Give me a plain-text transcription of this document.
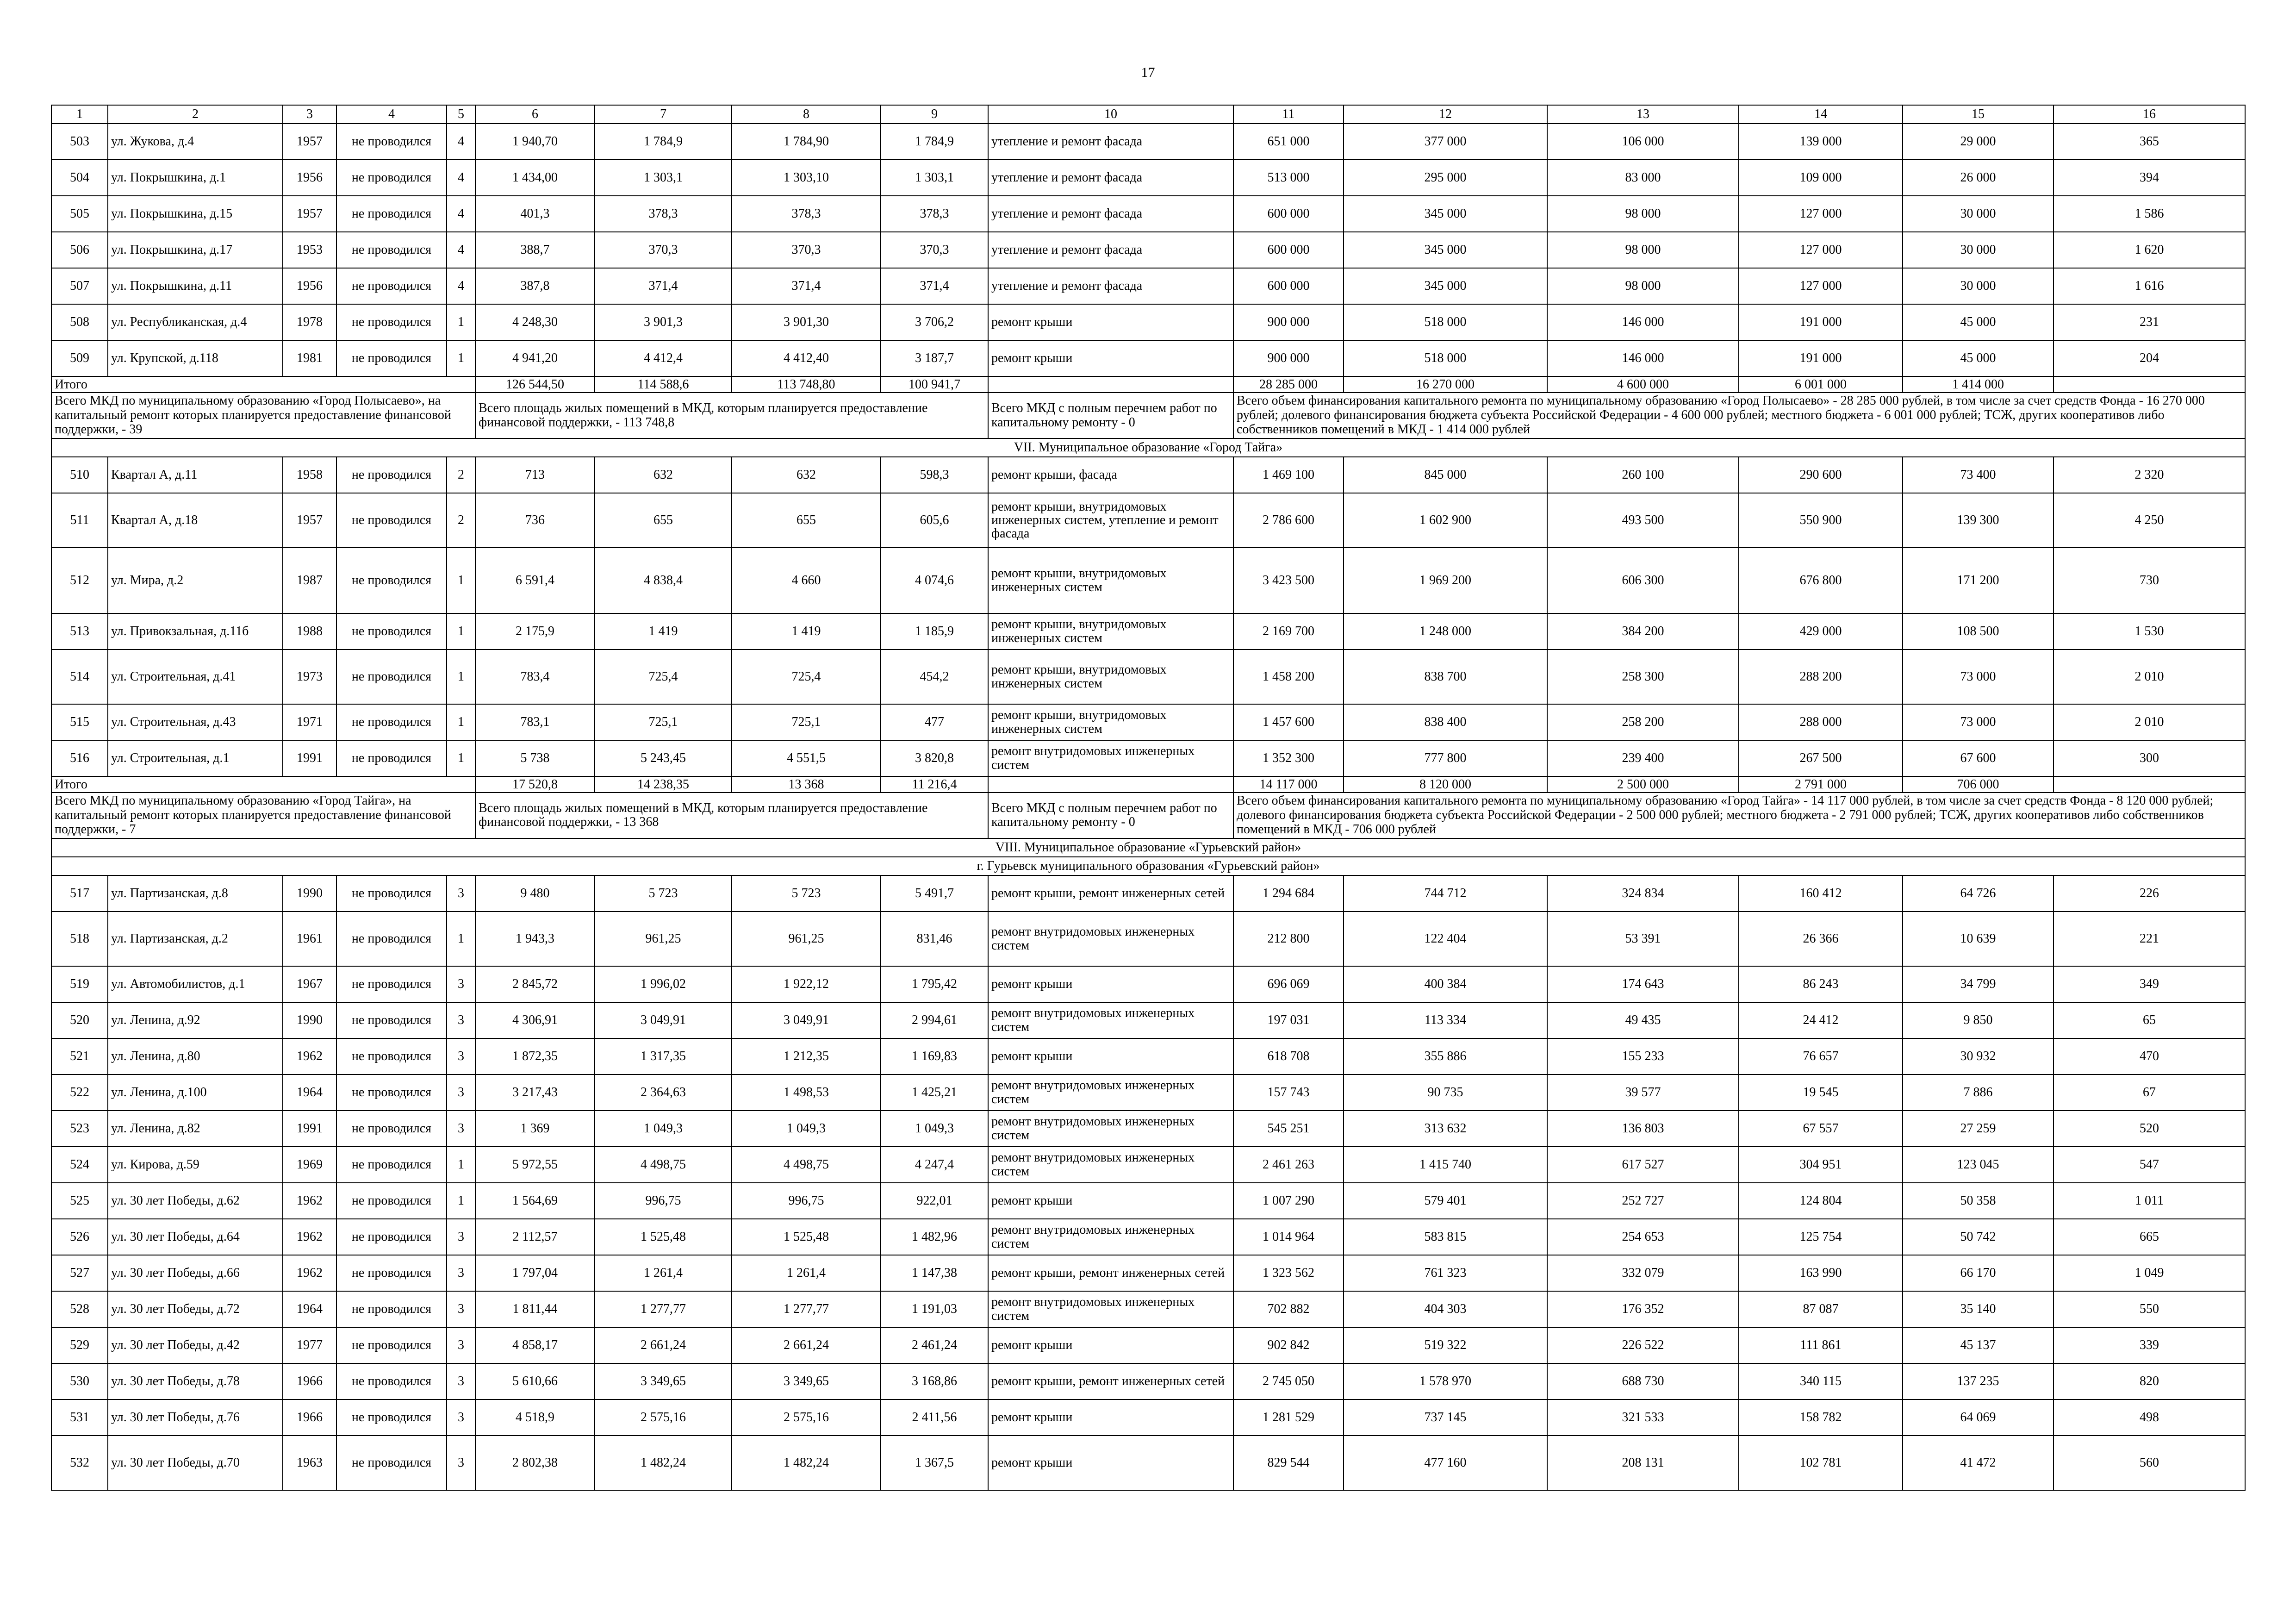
17
1	2	3	4	5	6	7	8	9	10	11	12	13	14	15	16
503	ул. Жукова, д.4	1957	не проводился	4	1 940,70	1 784,9	1 784,90	1 784,9	утепление и ремонт фасада	651 000	377 000	106 000	139 000	29 000	365
504	ул. Покрышкина, д.1	1956	не проводился	4	1 434,00	1 303,1	1 303,10	1 303,1	утепление и ремонт фасада	513 000	295 000	83 000	109 000	26 000	394
505	ул. Покрышкина, д.15	1957	не проводился	4	401,3	378,3	378,3	378,3	утепление и ремонт фасада	600 000	345 000	98 000	127 000	30 000	1 586
506	ул. Покрышкина, д.17	1953	не проводился	4	388,7	370,3	370,3	370,3	утепление и ремонт фасада	600 000	345 000	98 000	127 000	30 000	1 620
507	ул. Покрышкина, д.11	1956	не проводился	4	387,8	371,4	371,4	371,4	утепление и ремонт фасада	600 000	345 000	98 000	127 000	30 000	1 616
508	ул. Республиканская, д.4	1978	не проводился	1	4 248,30	3 901,3	3 901,30	3 706,2	ремонт крыши	900 000	518 000	146 000	191 000	45 000	231
509	ул. Крупской, д.118	1981	не проводился	1	4 941,20	4 412,4	4 412,40	3 187,7	ремонт крыши	900 000	518 000	146 000	191 000	45 000	204
Итого					126 544,50	114 588,6	113 748,80	100 941,7		28 285 000	16 270 000	4 600 000	6 001 000	1 414 000	
Всего МКД по муниципальному образованию «Город Полысаево», на капитальный ремонт которых планируется предоставление финансовой поддержки, - 39					Всего площадь жилых помещений в МКД, которым планируется предоставление финансовой поддержки, - 113 748,8				Всего МКД с полным перечнем работ по капитальному ремонту - 0	Всего объем финансирования капитального ремонта по муниципальному образованию «Город Полысаево» - 28 285 000 рублей, в том числе за счет средств Фонда - 16 270 000 рублей; долевого финансирования бюджета субъекта Российской Федерации - 4 600 000 рублей; местного бюджета - 6 001 000 рублей; ТСЖ, других кооперативов либо собственников помещений в МКД - 1 414 000 рублей					
VII. Муниципальное образование «Город Тайга»															
510	Квартал А, д.11	1958	не проводился	2	713	632	632	598,3	ремонт крыши, фасада	1 469 100	845 000	260 100	290 600	73 400	2 320
511	Квартал А, д.18	1957	не проводился	2	736	655	655	605,6	ремонт крыши, внутридомовых инженерных систем, утепление и ремонт фасада	2 786 600	1 602 900	493 500	550 900	139 300	4 250
512	ул. Мира, д.2	1987	не проводился	1	6 591,4	4 838,4	4 660	4 074,6	ремонт крыши, внутридомовых инженерных систем	3 423 500	1 969 200	606 300	676 800	171 200	730
513	ул. Привокзальная, д.11б	1988	не проводился	1	2 175,9	1 419	1 419	1 185,9	ремонт крыши, внутридомовых инженерных систем	2 169 700	1 248 000	384 200	429 000	108 500	1 530
514	ул. Строительная, д.41	1973	не проводился	1	783,4	725,4	725,4	454,2	ремонт крыши, внутридомовых инженерных систем	1 458 200	838 700	258 300	288 200	73 000	2 010
515	ул. Строительная, д.43	1971	не проводился	1	783,1	725,1	725,1	477	ремонт крыши, внутридомовых инженерных систем	1 457 600	838 400	258 200	288 000	73 000	2 010
516	ул. Строительная, д.1	1991	не проводился	1	5 738	5 243,45	4 551,5	3 820,8	ремонт внутридомовых инженерных систем	1 352 300	777 800	239 400	267 500	67 600	300
Итого					17 520,8	14 238,35	13 368	11 216,4		14 117 000	8 120 000	2 500 000	2 791 000	706 000	
Всего МКД по муниципальному образованию «Город Тайга», на капитальный ремонт которых планируется предоставление финансовой поддержки, - 7					Всего площадь жилых помещений в МКД, которым планируется предоставление финансовой поддержки, - 13 368				Всего МКД с полным перечнем работ по капитальному ремонту - 0	Всего объем финансирования капитального ремонта по муниципальному образованию «Город Тайга» - 14 117 000 рублей, в том числе за счет средств Фонда - 8 120 000 рублей; долевого финансирования бюджета субъекта Российской Федерации - 2 500 000 рублей; местного бюджета - 2 791 000 рублей; ТСЖ, других кооперативов либо собственников помещений в МКД - 706 000 рублей					
VIII. Муниципальное образование «Гурьевский район»															
г. Гурьевск муниципального образования «Гурьевский район»															
517	ул. Партизанская, д.8	1990	не проводился	3	9 480	5 723	5 723	5 491,7	ремонт крыши, ремонт инженерных сетей	1 294 684	744 712	324 834	160 412	64 726	226
518	ул. Партизанская, д.2	1961	не проводился	1	1 943,3	961,25	961,25	831,46	ремонт внутридомовых инженерных систем	212 800	122 404	53 391	26 366	10 639	221
519	ул. Автомобилистов, д.1	1967	не проводился	3	2 845,72	1 996,02	1 922,12	1 795,42	ремонт крыши	696 069	400 384	174 643	86 243	34 799	349
520	ул. Ленина, д.92	1990	не проводился	3	4 306,91	3 049,91	3 049,91	2 994,61	ремонт внутридомовых инженерных систем	197 031	113 334	49 435	24 412	9 850	65
521	ул. Ленина, д.80	1962	не проводился	3	1 872,35	1 317,35	1 212,35	1 169,83	ремонт крыши	618 708	355 886	155 233	76 657	30 932	470
522	ул. Ленина, д.100	1964	не проводился	3	3 217,43	2 364,63	1 498,53	1 425,21	ремонт внутридомовых инженерных систем	157 743	90 735	39 577	19 545	7 886	67
523	ул. Ленина, д.82	1991	не проводился	3	1 369	1 049,3	1 049,3	1 049,3	ремонт внутридомовых инженерных систем	545 251	313 632	136 803	67 557	27 259	520
524	ул. Кирова, д.59	1969	не проводился	1	5 972,55	4 498,75	4 498,75	4 247,4	ремонт внутридомовых инженерных систем	2 461 263	1 415 740	617 527	304 951	123 045	547
525	ул. 30 лет Победы, д.62	1962	не проводился	1	1 564,69	996,75	996,75	922,01	ремонт крыши	1 007 290	579 401	252 727	124 804	50 358	1 011
526	ул. 30 лет Победы, д.64	1962	не проводился	3	2 112,57	1 525,48	1 525,48	1 482,96	ремонт внутридомовых инженерных систем	1 014 964	583 815	254 653	125 754	50 742	665
527	ул. 30 лет Победы, д.66	1962	не проводился	3	1 797,04	1 261,4	1 261,4	1 147,38	ремонт крыши, ремонт инженерных сетей	1 323 562	761 323	332 079	163 990	66 170	1 049
528	ул. 30 лет Победы, д.72	1964	не проводился	3	1 811,44	1 277,77	1 277,77	1 191,03	ремонт внутридомовых инженерных систем	702 882	404 303	176 352	87 087	35 140	550
529	ул. 30 лет Победы, д.42	1977	не проводился	3	4 858,17	2 661,24	2 661,24	2 461,24	ремонт крыши	902 842	519 322	226 522	111 861	45 137	339
530	ул. 30 лет Победы, д.78	1966	не проводился	3	5 610,66	3 349,65	3 349,65	3 168,86	ремонт крыши, ремонт инженерных сетей	2 745 050	1 578 970	688 730	340 115	137 235	820
531	ул. 30 лет Победы, д.76	1966	не проводился	3	4 518,9	2 575,16	2 575,16	2 411,56	ремонт крыши	1 281 529	737 145	321 533	158 782	64 069	498
532	ул. 30 лет Победы, д.70	1963	не проводился	3	2 802,38	1 482,24	1 482,24	1 367,5	ремонт крыши	829 544	477 160	208 131	102 781	41 472	560
